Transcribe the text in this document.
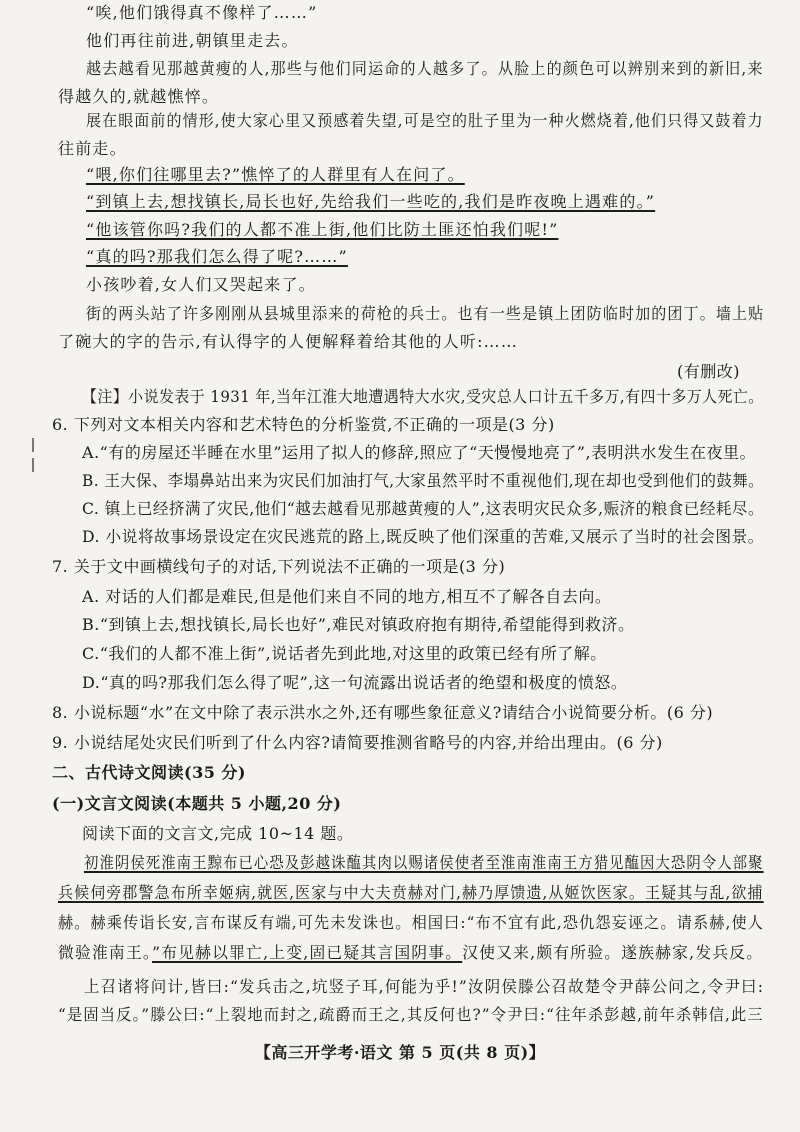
“唉,他们饿得真不像样了……”
他们再往前进,朝镇里走去。
越去越看见那越黄瘦的人,那些与他们同运命的人越多了。从脸上的颜色可以辨别来到的新旧,来
得越久的,就越憔悴。
展在眼面前的情形,使大家心里又预感着失望,可是空的肚子里为一种火燃烧着,他们只得又鼓着力
往前走。
“喂,你们往哪里去?”憔悴了的人群里有人在问了。
“到镇上去,想找镇长,局长也好,先给我们一些吃的,我们是昨夜晚上遇难的。”
“他该管你吗?我们的人都不准上街,他们比防土匪还怕我们呢!”
“真的吗?那我们怎么得了呢?……”
小孩吵着,女人们又哭起来了。
街的两头站了许多刚刚从县城里添来的荷枪的兵士。也有一些是镇上团防临时加的团丁。墙上贴
了碗大的字的告示,有认得字的人便解释着给其他的人听:……
(有删改)
【注】小说发表于 1931 年,当年江淮大地遭遇特大水灾,受灾总人口计五千多万,有四十多万人死亡。
6. 下列对文本相关内容和艺术特色的分析鉴赏,不正确的一项是(3 分)
A.“有的房屋还半睡在水里”运用了拟人的修辞,照应了“天慢慢地亮了”,表明洪水发生在夜里。
B. 王大保、李塌鼻站出来为灾民们加油打气,大家虽然平时不重视他们,现在却也受到他们的鼓舞。
C. 镇上已经挤满了灾民,他们“越去越看见那越黄瘦的人”,这表明灾民众多,赈济的粮食已经耗尽。
D. 小说将故事场景设定在灾民逃荒的路上,既反映了他们深重的苦难,又展示了当时的社会图景。
7. 关于文中画横线句子的对话,下列说法不正确的一项是(3 分)
A. 对话的人们都是难民,但是他们来自不同的地方,相互不了解各自去向。
B.“到镇上去,想找镇长,局长也好”,难民对镇政府抱有期待,希望能得到救济。
C.“我们的人都不准上街”,说话者先到此地,对这里的政策已经有所了解。
D.“真的吗?那我们怎么得了呢”,这一句流露出说话者的绝望和极度的愤怒。
8. 小说标题“水”在文中除了表示洪水之外,还有哪些象征意义?请结合小说简要分析。(6 分)
9. 小说结尾处灾民们听到了什么内容?请简要推测省略号的内容,并给出理由。(6 分)
二、古代诗文阅读(35 分)
(一)文言文阅读(本题共 5 小题,20 分)
阅读下面的文言文,完成 10~14 题。
初淮阴侯死淮南王黥布已心恐及彭越诛醢其肉以赐诸侯使者至淮南淮南王方猎见醢因大恐阴令人部聚
兵候伺旁郡警急布所幸姬病,就医,医家与中大夫贲赫对门,赫乃厚馈遗,从姬饮医家。王疑其与乱,欲捕
赫。赫乘传诣长安,言布谋反有端,可先未发诛也。相国曰:“布不宜有此,恐仇怨妄诬之。请系赫,使人
微验淮南王。”布见赫以罪亡,上变,固已疑其言国阴事。汉使又来,颇有所验。遂族赫家,发兵反。
上召诸将问计,皆曰:“发兵击之,坑竖子耳,何能为乎!”汝阴侯滕公召故楚令尹薛公问之,令尹曰:
“是固当反。”滕公曰:“上裂地而封之,疏爵而王之,其反何也?”令尹曰:“往年杀彭越,前年杀韩信,此三
【高三开学考·语文 第 5 页(共 8 页)】
